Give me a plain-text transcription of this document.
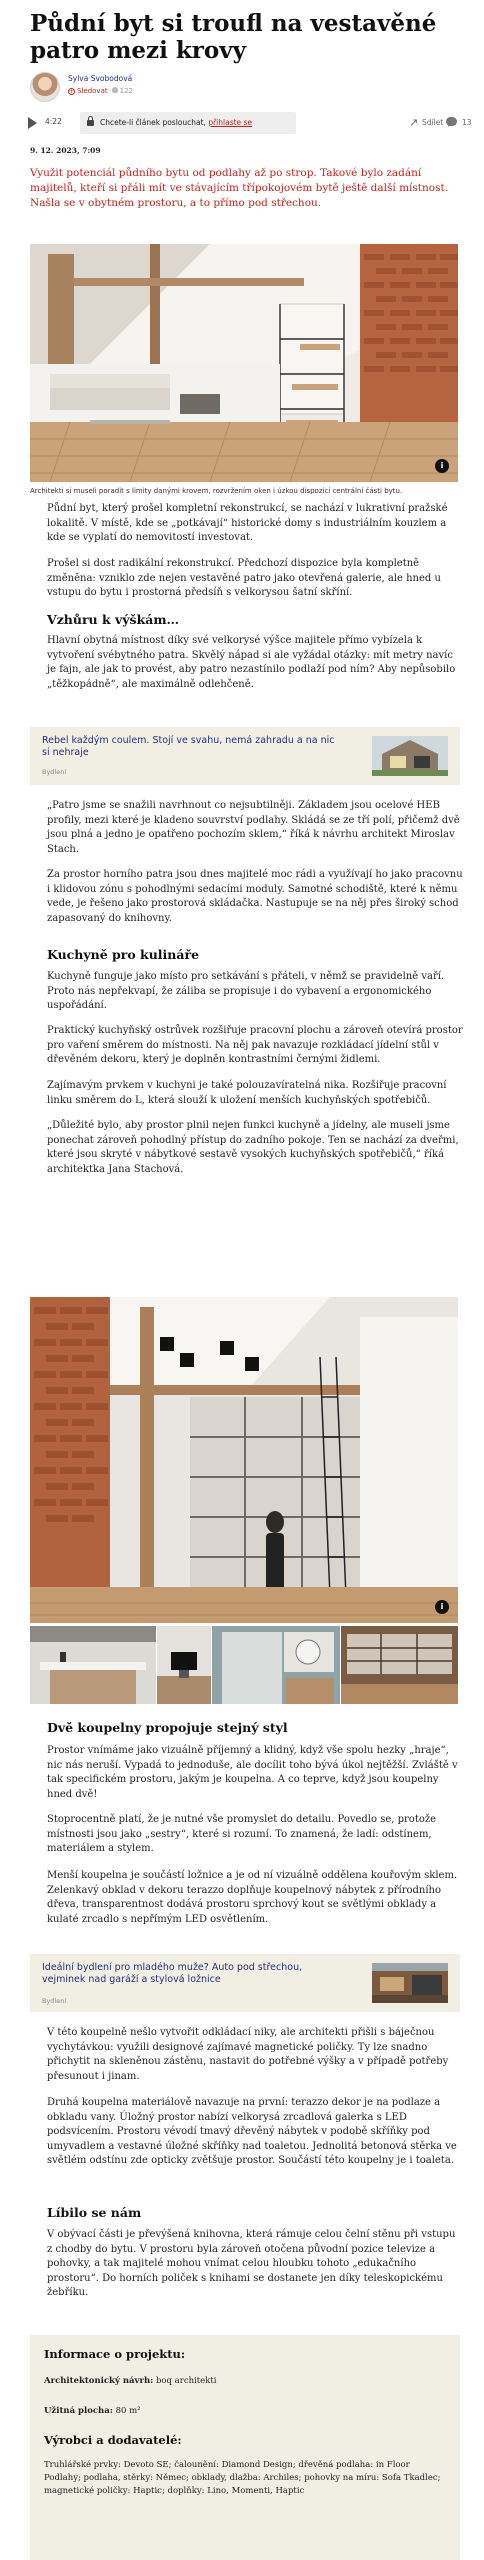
Půdní byt si troufl na vestavěné patro mezi krovy
Sylva Svobodová
+ Sledovat 122
4:22	Chcete-li článek poslouchat, přihlaste se	↗ Sdílet	13
9. 12. 2023, 7:09

Využit potenciál půdního bytu od podlahy až po strop. Takové bylo zadání majitelů, kteří si přáli mít ve stávajícím třípokojovém bytě ještě další místnost. Našla se v obytném prostoru, a to přímo pod střechou.

i
Architekti si museli poradit s limity danými krovem, rozvržením oken i úzkou dispozicí centrální části bytu.

Půdní byt, který prošel kompletní rekonstrukcí, se nachází v lukrativní pražské lokalitě. V místě, kde se „potkávají“ historické domy s industriálním kouzlem a kde se vyplatí do nemovitostí investovat.

Prošel si dost radikální rekonstrukcí. Předchozí dispozice byla kompletně změněna: vzniklo zde nejen vestavěné patro jako otevřená galerie, ale hned u vstupu do bytu i prostorná předsíň s velkorysou šatní skříní.

Vzhůru k výškám…

Hlavní obytná místnost díky své velkorysé výšce majitele přímo vybízela k vytvoření svébytného patra. Skvělý nápad si ale vyžádal otázky: mít metry navíc je fajn, ale jak to provést, aby patro nezastínilo podlaží pod ním? Aby nepůsobilo „těžkopádně“, ale maximálně odlehčeně.

Rebel každým coulem. Stojí ve svahu, nemá zahradu a na nic si nehraje
Bydlení

„Patro jsme se snažili navrhnout co nejsubtilněji. Základem jsou ocelové HEB profily, mezi které je kladeno souvrství podlahy. Skládá se ze tří polí, přičemž dvě jsou plná a jedno je opatřeno pochozím sklem,“ říká k návrhu architekt Miroslav Stach.

Za prostor horního patra jsou dnes majitelé moc rádi a využívají ho jako pracovnu i klidovou zónu s pohodlnými sedacími moduly. Samotné schodiště, které k němu vede, je řešeno jako prostorová skládačka. Nastupuje se na něj přes široký schod zapasovaný do knihovny.

Kuchyně pro kulináře

Kuchyně funguje jako místo pro setkávání s přáteli, v němž se pravidelně vaří. Proto nás nepřekvapí, že záliba se propisuje i do vybavení a ergonomického uspořádání.

Praktický kuchyňský ostrůvek rozšiřuje pracovní plochu a zároveň otevírá prostor pro vaření směrem do místnosti. Na něj pak navazuje rozkládací jídelní stůl v dřevěném dekoru, který je doplněn kontrastními černými židlemi.

Zajímavým prvkem v kuchyni je také polouzavíratelná nika. Rozšiřuje pracovní linku směrem do L, která slouží k uložení menších kuchyňských spotřebičů.

„Důležité bylo, aby prostor plnil nejen funkci kuchyně a jídelny, ale museli jsme ponechat zároveň pohodlný přístup do zadního pokoje. Ten se nachází za dveřmi, které jsou skryté v nábytkové sestavě vysokých kuchyňských spotřebičů,“ říká architektka Jana Stachová.

i
Dvě koupelny propojuje stejný styl

Prostor vnímáme jako vizuálně příjemný a klidný, když vše spolu hezky „hraje“, nic nás neruší. Vypadá to jednoduše, ale docílit toho bývá úkol nejtěžší. Zvláště v tak specifickém prostoru, jakým je koupelna. A co teprve, když jsou koupelny hned dvě!

Stoprocentně platí, že je nutné vše promyslet do detailu. Povedlo se, protože místnosti jsou jako „sestry“, které si rozumí. To znamená, že ladí: odstínem, materiálem a stylem.

Menší koupelna je součástí ložnice a je od ní vizuálně oddělena kouřovým sklem. Zelenkavý obklad v dekoru terazzo doplňuje koupelnový nábytek z přírodního dřeva, transparentnost dodává prostoru sprchový kout se světlými obklady a kulaté zrcadlo s nepřímým LED osvětlením.

Ideální bydlení pro mladého muže? Auto pod střechou, vejminek nad garáží a stylová ložnice
Bydlení

V této koupelně nešlo vytvořit odkládací niky, ale architekti přišli s báječnou vychytávkou: využili designové zajímavé magnetické poličky. Ty lze snadno přichytit na skleněnou zástěnu, nastavit do potřebné výšky a v případě potřeby přesunout i jinam.

Druhá koupelna materiálově navazuje na první: terazzo dekor je na podlaze a obkladu vany. Úložný prostor nabízí velkorysá zrcadlová galerka s LED podsvícením. Prostoru vévodí tmavý dřevěný nábytek v podobě skříňky pod umyvadlem a vestavné úložné skříňky nad toaletou. Jednolitá betonová stěrka ve světlém odstínu zde opticky zvětšuje prostor. Součástí této koupelny je i toaleta.

Líbilo se nám

V obývací části je převýšená knihovna, která rámuje celou čelní stěnu při vstupu z chodby do bytu. V prostoru byla zároveň otočena původní pozice televize a pohovky, a tak majitelé mohou vnímat celou hloubku tohoto „edukačního prostoru“. Do horních poliček s knihami se dostanete jen díky teleskopickému žebříku.

Informace o projektu:
Architektonický návrh: boq architekti
Užitná plocha: 80 m²
Výrobci a dodavatelé:
Truhlářské prvky: Devoto SE; čalounění: Diamond Design; dřevěná podlaha: in Floor Podlahy; podlaha, stěrky: Němec; obklady, dlažba: Archiles; pohovky na míru: Sofa Tkadlec; magnetické poličky: Haptic; doplňky: Lino, Momenti, Haptic
